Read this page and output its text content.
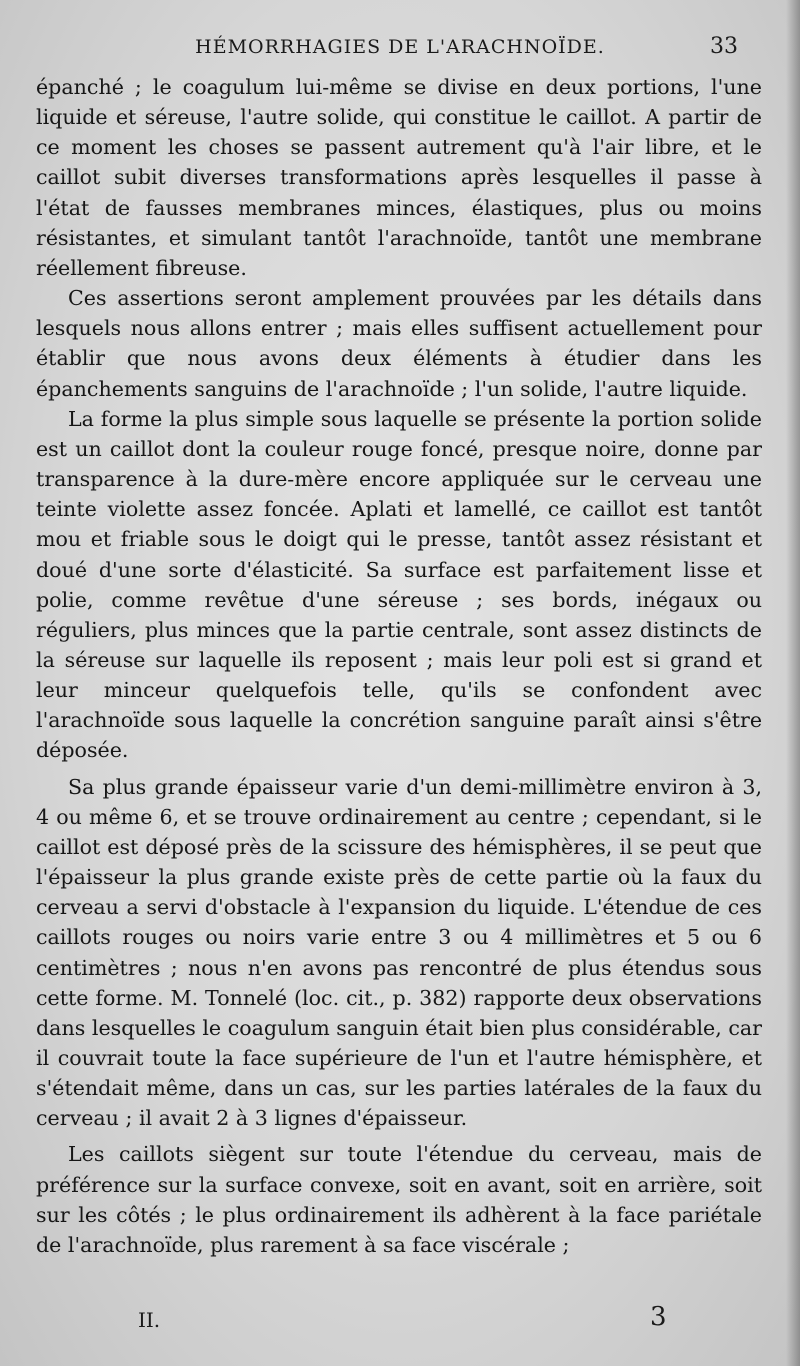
HÉMORRHAGIES DE L'ARACHNOÏDE.	33

épanché ; le coagulum lui-même se divise en deux portions, l'une liquide et séreuse, l'autre solide, qui constitue le caillot. A partir de ce moment les choses se passent autrement qu'à l'air libre, et le caillot subit diverses transformations après lesquelles il passe à l'état de fausses membranes minces, élastiques, plus ou moins résistantes, et simulant tantôt l'arachnoïde, tantôt une membrane réellement fibreuse.

Ces assertions seront amplement prouvées par les détails dans lesquels nous allons entrer ; mais elles suffisent actuellement pour établir que nous avons deux éléments à étudier dans les épanchements sanguins de l'arachnoïde ; l'un solide, l'autre liquide.

La forme la plus simple sous laquelle se présente la portion solide est un caillot dont la couleur rouge foncé, presque noire, donne par transparence à la dure-mère encore appliquée sur le cerveau une teinte violette assez foncée. Aplati et lamellé, ce caillot est tantôt mou et friable sous le doigt qui le presse, tantôt assez résistant et doué d'une sorte d'élasticité. Sa surface est parfaitement lisse et polie, comme revêtue d'une séreuse ; ses bords, inégaux ou réguliers, plus minces que la partie centrale, sont assez distincts de la séreuse sur laquelle ils reposent ; mais leur poli est si grand et leur minceur quelquefois telle, qu'ils se confondent avec l'arachnoïde sous laquelle la concrétion sanguine paraît ainsi s'être déposée.

Sa plus grande épaisseur varie d'un demi-millimètre environ à 3, 4 ou même 6, et se trouve ordinairement au centre ; cependant, si le caillot est déposé près de la scissure des hémisphères, il se peut que l'épaisseur la plus grande existe près de cette partie où la faux du cerveau a servi d'obstacle à l'expansion du liquide. L'étendue de ces caillots rouges ou noirs varie entre 3 ou 4 millimètres et 5 ou 6 centimètres ; nous n'en avons pas rencontré de plus étendus sous cette forme. M. Tonnelé (loc. cit., p. 382) rapporte deux observations dans lesquelles le coagulum sanguin était bien plus considérable, car il couvrait toute la face supérieure de l'un et l'autre hémisphère, et s'étendait même, dans un cas, sur les parties latérales de la faux du cerveau ; il avait 2 à 3 lignes d'épaisseur.

Les caillots siègent sur toute l'étendue du cerveau, mais de préférence sur la surface convexe, soit en avant, soit en arrière, soit sur les côtés ; le plus ordinairement ils adhèrent à la face pariétale de l'arachnoïde, plus rarement à sa face viscérale ;

II.	3
